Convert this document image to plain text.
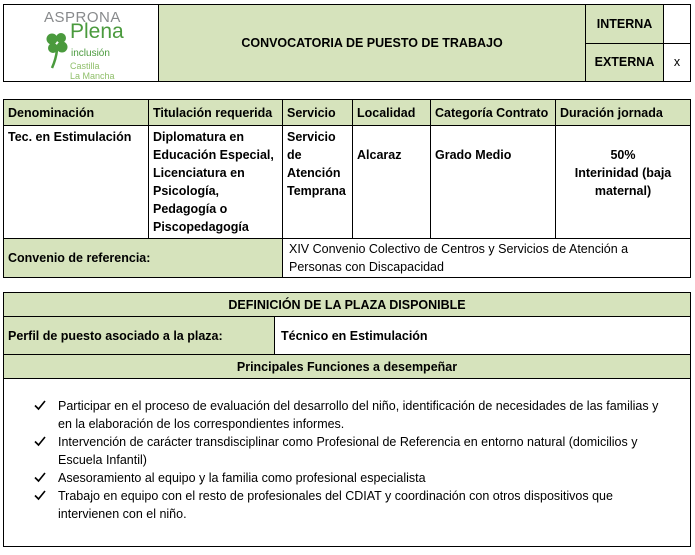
ASPRONA
Plena
inclusión
Castilla
La Mancha	CONVOCATORIA DE PUESTO DE TRABAJO	INTERNA	
		EXTERNA	x
Denominación	Titulación requerida	Servicio	Localidad	Categoría Contrato	Duración jornada
Tec. en Estimulación	Diplomatura en Educación Especial, Licenciatura en Psicología, Pedagogía o Piscopedagogía	Servicio de Atención Temprana	Alcaraz	Grado Medio	50%
Interinidad (baja maternal)

Convenio de referencia:		XIV Convenio Colectivo de Centros y Servicios de Atención a Personas con Discapacidad			
DEFINICIÓN DE LA PLAZA DISPONIBLE
Perfil de puesto asociado a la plaza:	Técnico en Estimulación
Principales Funciones a desempeñar

Participar en el proceso de evaluación del desarrollo del niño, identificación de necesidades de las familias y en la elaboración de los correspondientes informes.
Intervención de carácter transdisciplinar como Profesional de Referencia en entorno natural (domicilios y Escuela Infantil)
Asesoramiento al equipo y la familia como profesional especialista
Trabajo en equipo con el resto de profesionales del CDIAT y coordinación con otros dispositivos que intervienen con el niño.
